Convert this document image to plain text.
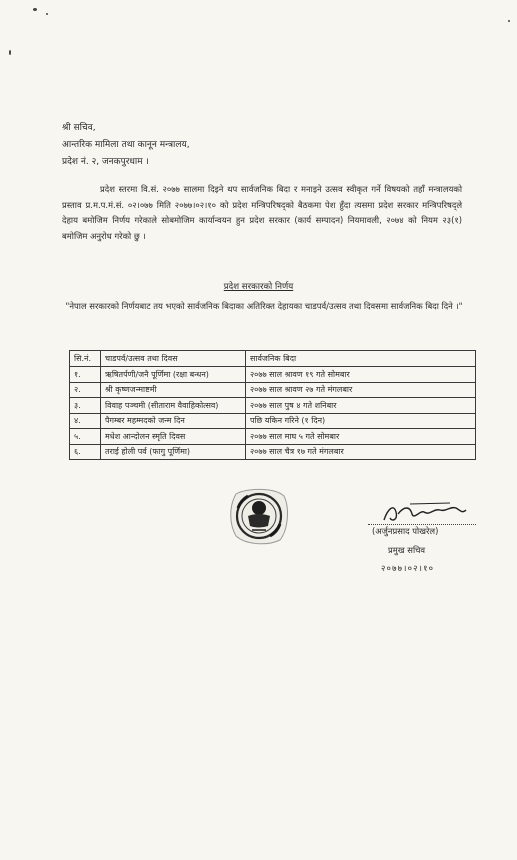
श्री सचिव,
आन्तरिक मामिला तथा कानून मन्त्रालय,
प्रदेश नं. २, जनकपुरधाम ।
प्रदेश स्तरमा वि.सं. २०७७ सालमा दिइने थप सार्वजनिक बिदा र मनाइने उत्सव स्वीकृत गर्ने विषयको तहाँ मन्त्रालयको प्रस्ताव प्र.म.प.मं.सं. ०२।०७७ मिति २०७७।०२।१० को प्रदेश मन्त्रिपरिषद्को बैठकमा पेश हुँदा त्यसमा प्रदेश सरकार मन्त्रिपरिषद्ले देहाय बमोजिम निर्णय गरेकाले सोबमोजिम कार्यान्वयन हुन प्रदेश सरकार (कार्य सम्पादन) नियमावली, २०७४ को नियम २३(१) बमोजिम अनुरोध गरेको छु ।
प्रदेश सरकारको निर्णय
"नेपाल सरकारको निर्णयबाट तय भएको सार्वजनिक बिदाका अतिरिक्त देहायका चाडपर्व/उत्सव तथा दिवसमा सार्वजनिक बिदा दिने ।"
सि.नं.	चाडपर्व/उत्सव तथा दिवस	सार्वजनिक बिदा
१.	ऋषितर्पणी/जनै पूर्णिमा (रक्षा बन्धन)	२०७७ साल श्रावण १९ गते सोमबार
२.	श्री कृष्णजन्माष्टमी	२०७७ साल श्रावण २७ गते मंगलबार
३.	विवाह पञ्चमी (सीताराम वैवाहिकोत्सव)	२०७७ साल पुष ४ गते शनिबार
४.	पैगम्बर महम्मदको जन्म दिन	पछि यकिन गरिने (१ दिन)
५.	मधेश आन्दोलन स्मृति दिवस	२०७७ साल माघ ५ गते सोमबार
६.	तराई होली पर्व (फागु पूर्णिमा)	२०७७ साल चैत्र १७ गते मंगलबार
(अर्जुनप्रसाद पोखरेल)
प्रमुख सचिव
२०७७।०२।१०
